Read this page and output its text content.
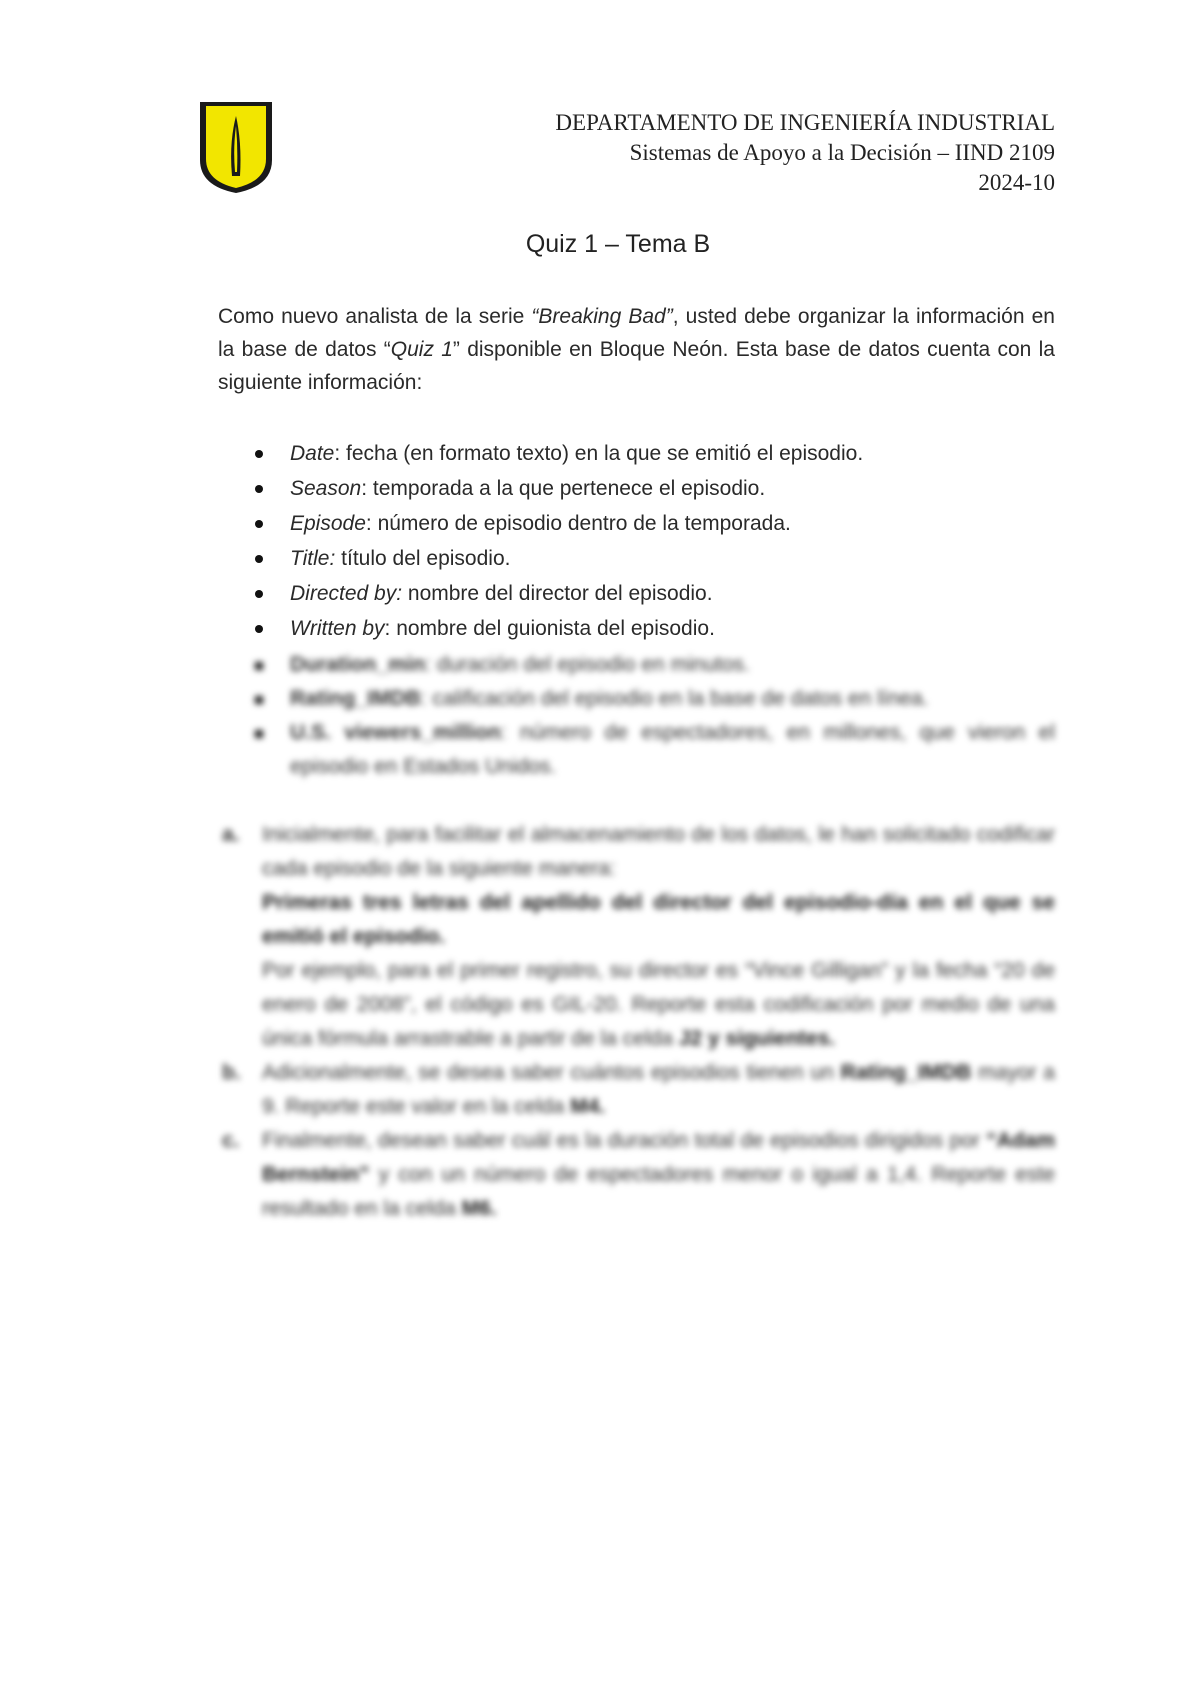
DEPARTAMENTO DE INGENIERÍA INDUSTRIAL
Sistemas de Apoyo a la Decisión – IIND 2109
2024-10
Quiz 1 – Tema B
Como nuevo analista de la serie “Breaking Bad”, usted debe organizar la información en la base de datos “Quiz 1” disponible en Bloque Neón. Esta base de datos cuenta con la siguiente información:
Date: fecha (en formato texto) en la que se emitió el episodio.
Season: temporada a la que pertenece el episodio.
Episode: número de episodio dentro de la temporada.
Title: título del episodio.
Directed by: nombre del director del episodio.
Written by: nombre del guionista del episodio.
Duration_min: duración del episodio en minutos.
Rating_IMDB: calificación del episodio en la base de datos en línea.
U.S. viewers_million: número de espectadores, en millones, que vieron el episodio en Estados Unidos.
a. Inicialmente, para facilitar el almacenamiento de los datos, le han solicitado codificar cada episodio de la siguiente manera:
Primeras tres letras del apellido del director del episodio-día en el que se emitió el episodio.
Por ejemplo, para el primer registro, su director es “Vince Gilligan” y la fecha “20 de enero de 2008”, el código es GIL-20. Reporte esta codificación por medio de una única fórmula arrastrable a partir de la celda J2 y siguientes.
b. Adicionalmente, se desea saber cuántos episodios tienen un Rating_IMDB mayor a 9. Reporte este valor en la celda M4.
c. Finalmente, desean saber cuál es la duración total de episodios dirigidos por “Adam Bernstein” y con un número de espectadores menor o igual a 1,4. Reporte este resultado en la celda M6.
